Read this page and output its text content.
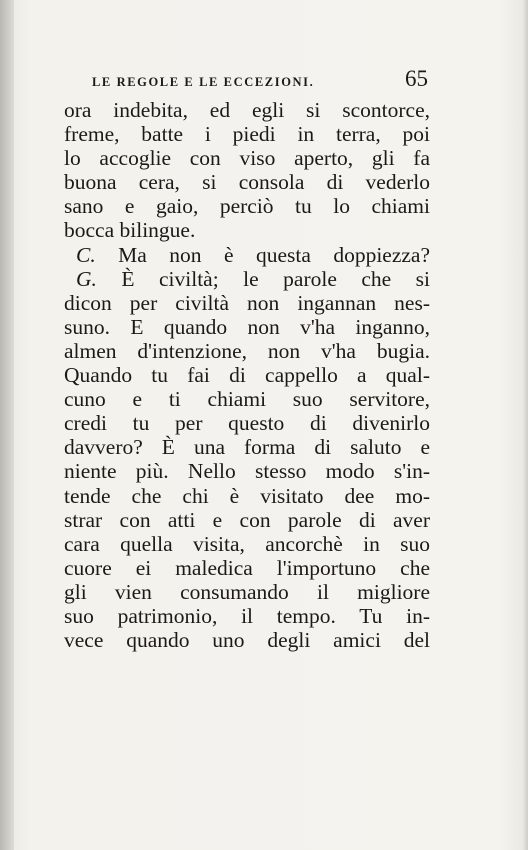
LE REGOLE E LE ECCEZIONI.	65
ora indebita, ed egli si scontorce,
freme, batte i piedi in terra, poi
lo accoglie con viso aperto, gli fa
buona cera, si consola di vederlo
sano e gaio, perciò tu lo chiami
bocca bilingue.
C. Ma non è questa doppiezza?
G. È civiltà; le parole che si
dicon per civiltà non ingannan nes-
suno. E quando non v'ha inganno,
almen d'intenzione, non v'ha bugia.
Quando tu fai di cappello a qual-
cuno e ti chiami suo servitore,
credi tu per questo di divenirlo
davvero? È una forma di saluto e
niente più. Nello stesso modo s'in-
tende che chi è visitato dee mo-
strar con atti e con parole di aver
cara quella visita, ancorchè in suo
cuore ei maledica l'importuno che
gli vien consumando il migliore
suo patrimonio, il tempo. Tu in-
vece quando uno degli amici del
